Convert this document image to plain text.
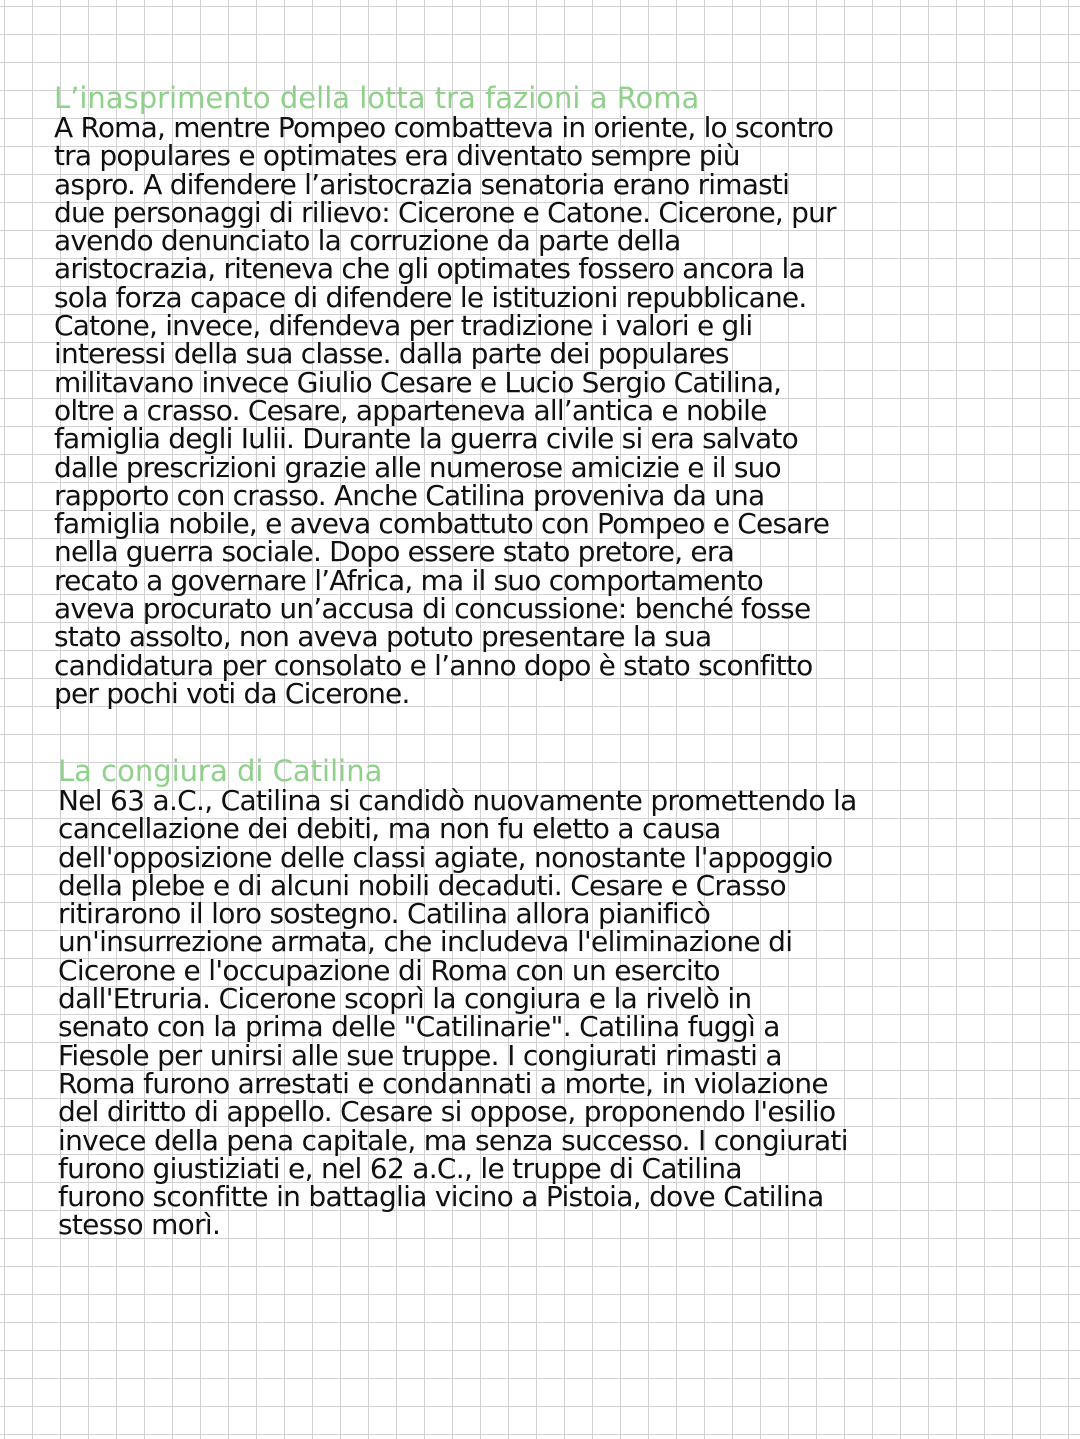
L’inasprimento della lotta tra fazioni a Roma

A Roma, mentre Pompeo combatteva in oriente, lo scontro
tra populares e optimates era diventato sempre più
aspro. A difendere l’aristocrazia senatoria erano rimasti
due personaggi di rilievo: Cicerone e Catone. Cicerone, pur
avendo denunciato la corruzione da parte della
aristocrazia, riteneva che gli optimates fossero ancora la
sola forza capace di difendere le istituzioni repubblicane.
Catone, invece, difendeva per tradizione i valori e gli
interessi della sua classe. dalla parte dei populares
militavano invece Giulio Cesare e Lucio Sergio Catilina,
oltre a crasso. Cesare, apparteneva all’antica e nobile
famiglia degli Iulii. Durante la guerra civile si era salvato
dalle prescrizioni grazie alle numerose amicizie e il suo
rapporto con crasso. Anche Catilina proveniva da una
famiglia nobile, e aveva combattuto con Pompeo e Cesare
nella guerra sociale. Dopo essere stato pretore, era
recato a governare l’Africa, ma il suo comportamento
aveva procurato un’accusa di concussione: benché fosse
stato assolto, non aveva potuto presentare la sua
candidatura per consolato e l’anno dopo è stato sconfitto
per pochi voti da Cicerone.

La congiura di Catilina

Nel 63 a.C., Catilina si candidò nuovamente promettendo la
cancellazione dei debiti, ma non fu eletto a causa
dell'opposizione delle classi agiate, nonostante l'appoggio
della plebe e di alcuni nobili decaduti. Cesare e Crasso
ritirarono il loro sostegno. Catilina allora pianificò
un'insurrezione armata, che includeva l'eliminazione di
Cicerone e l'occupazione di Roma con un esercito
dall'Etruria. Cicerone scoprì la congiura e la rivelò in
senato con la prima delle "Catilinarie". Catilina fuggì a
Fiesole per unirsi alle sue truppe. I congiurati rimasti a
Roma furono arrestati e condannati a morte, in violazione
del diritto di appello. Cesare si oppose, proponendo l'esilio
invece della pena capitale, ma senza successo. I congiurati
furono giustiziati e, nel 62 a.C., le truppe di Catilina
furono sconfitte in battaglia vicino a Pistoia, dove Catilina
stesso morì.
